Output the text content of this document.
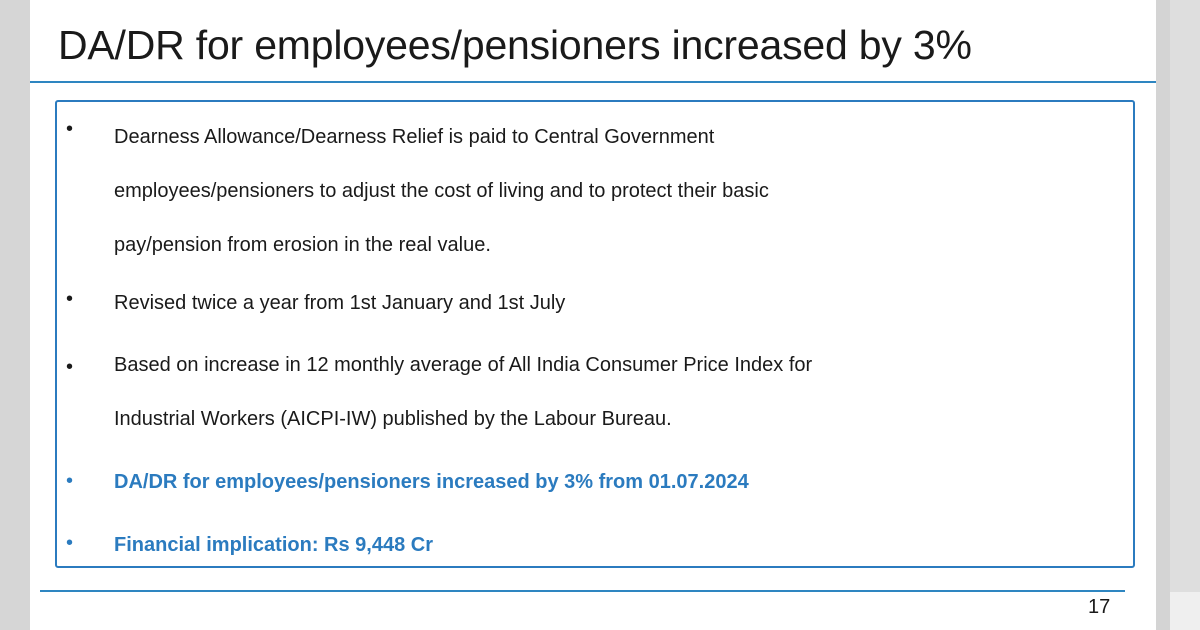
DA/DR for employees/pensioners increased by 3%
• Dearness Allowance/Dearness Relief is paid to Central Government
employees/pensioners to adjust the cost of living and to protect their basic
pay/pension from erosion in the real value.
• Revised twice a year from 1st January and 1st July
• Based on increase in 12 monthly average of All India Consumer Price Index for
Industrial Workers (AICPI-IW) published by the Labour Bureau.
• DA/DR for employees/pensioners increased by 3% from 01.07.2024
• Financial implication: Rs 9,448 Cr
17
